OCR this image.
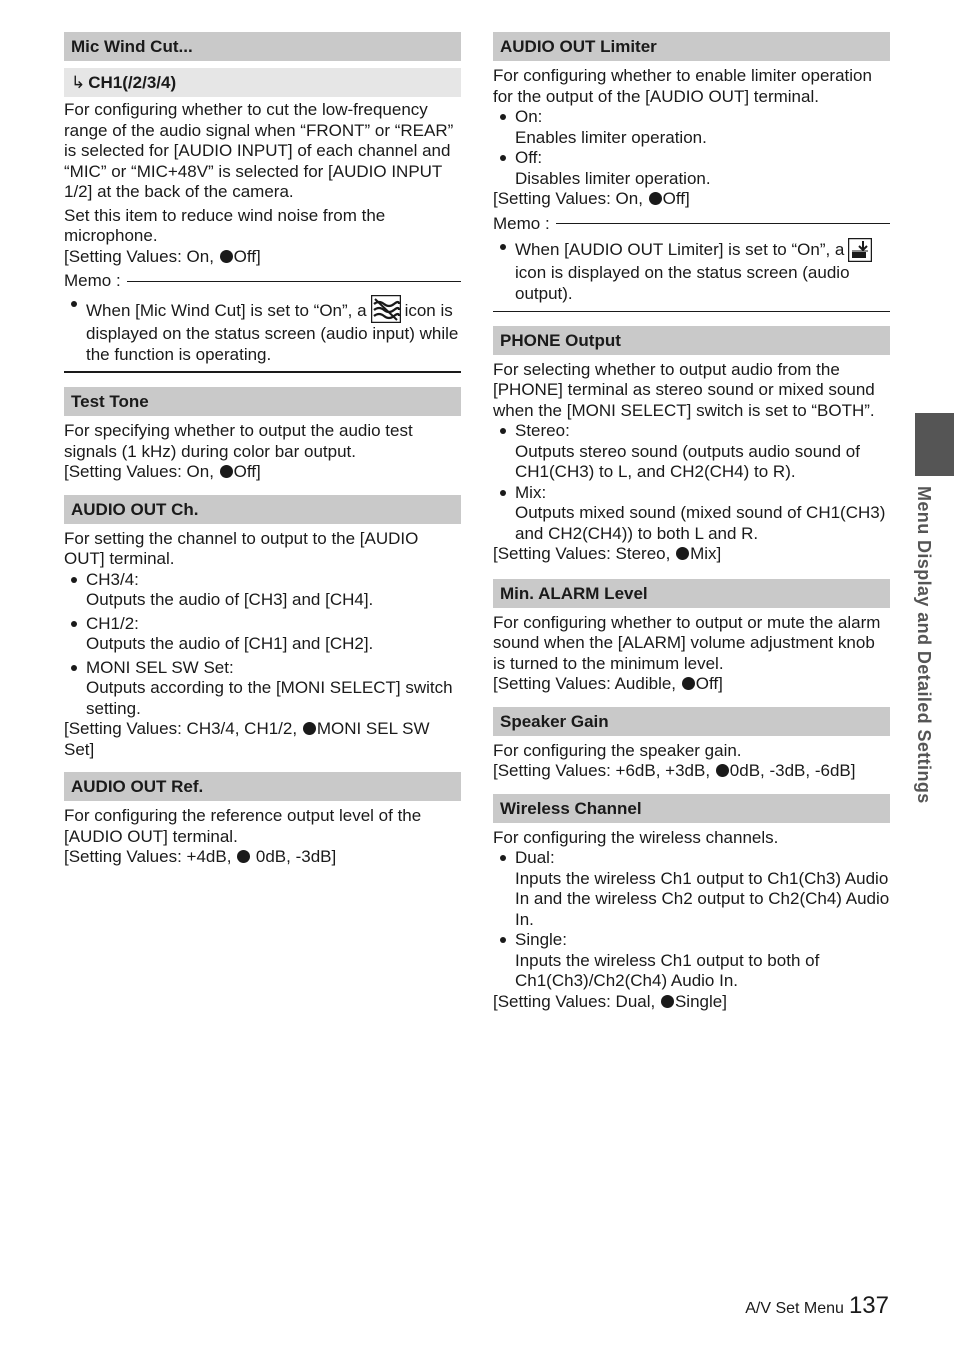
Mic Wind Cut...
↳ CH1(/2/3/4)

For configuring whether to cut the low-frequency range of the audio signal when “FRONT” or “REAR” is selected for [AUDIO INPUT] of each channel and “MIC” or “MIC+48V” is selected for [AUDIO INPUT 1/2] at the back of the camera.

Set this item to reduce wind noise from the microphone.

[Setting Values: On, Off]

Memo :
When [Mic Wind Cut] is set to “On”, a icon is displayed on the status screen (audio input) while the function is operating.
Test Tone

For specifying whether to output the audio test signals (1 kHz) during color bar output.

[Setting Values: On, Off]

AUDIO OUT Ch.

For setting the channel to output to the [AUDIO OUT] terminal.

CH3/4:
Outputs the audio of [CH3] and [CH4].
CH1/2:
Outputs the audio of [CH1] and [CH2].
MONI SEL SW Set:
Outputs according to the [MONI SELECT] switch setting.

[Setting Values: CH3/4, CH1/2, MONI SEL SW Set]

AUDIO OUT Ref.

For configuring the reference output level of the [AUDIO OUT] terminal.

[Setting Values: +4dB,  0dB, -3dB]

AUDIO OUT Limiter

For configuring whether to enable limiter operation for the output of the [AUDIO OUT] terminal.

On:
Enables limiter operation.
Off:
Disables limiter operation.

[Setting Values: On, Off]

Memo :
When [AUDIO OUT Limiter] is set to “On”, aicon is displayed on the status screen (audio output).
PHONE Output

For selecting whether to output audio from the [PHONE] terminal as stereo sound or mixed sound when the [MONI SELECT] switch is set to “BOTH”.

Stereo:
Outputs stereo sound (outputs audio sound of CH1(CH3) to L, and CH2(CH4) to R).
Mix:
Outputs mixed sound (mixed sound of CH1(CH3) and CH2(CH4)) to both L and R.

[Setting Values: Stereo, Mix]

Min. ALARM Level

For configuring whether to output or mute the alarm sound when the [ALARM] volume adjustment knob is turned to the minimum level.

[Setting Values: Audible, Off]

Speaker Gain

For configuring the speaker gain.

[Setting Values: +6dB, +3dB, 0dB, -3dB, -6dB]

Wireless Channel

For configuring the wireless channels.

Dual:
Inputs the wireless Ch1 output to Ch1(Ch3) Audio In and the wireless Ch2 output to Ch2(Ch4) Audio In.
Single:
Inputs the wireless Ch1 output to both of Ch1(Ch3)/Ch2(Ch4) Audio In.

[Setting Values: Dual, Single]

Menu Display and Detailed Settings
A/V Set Menu 137
